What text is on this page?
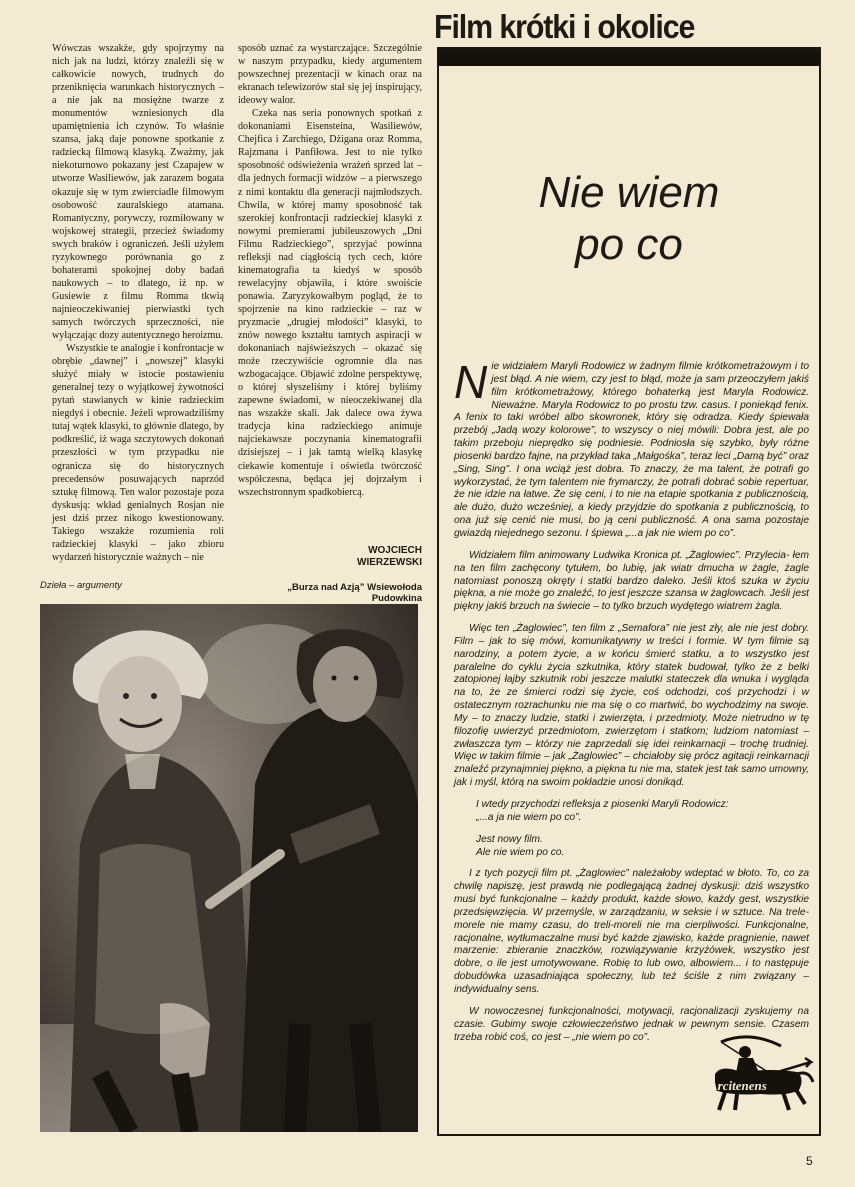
Wówczas wszakże, gdy spojrzymy na nich jak na ludzi, którzy znaleźli się w całkowicie nowych, trudnych do przeniknięcia warunkach historycznych – a nie jak na mosiężne twarze z monumentów wzniesionych dla upamiętnienia ich czynów. To właśnie szansa, jaką daje ponowne spotkanie z radziecką filmową klasyką. Zważmy, jak niekoturnowo pokazany jest Czapajew w utworze Wasiliewów, jak zarazem bogata okazuje się w tym zwierciadle filmowym osobowość zauralskiego atamana. Romantyczny, porywczy, rozmiłowany w wojskowej strategii, przecież świadomy swych braków i ograniczeń. Jeśli użyłem ryzykownego porównania go z bohaterami spokojnej doby badań naukowych – to dlatego, iż np. w Gusiewie z filmu Romma tkwią najnieoczekiwaniej pierwiastki tych samych twórczych sprzeczności, nie wyłączając dozy autentycznego heroizmu.

Wszystkie te analogie i konfrontacje w obrębie „dawnej” i „nowszej” klasyki służyć miały w istocie postawieniu generalnej tezy o wyjątkowej żywotności pytań stawianych w kinie radzieckim niegdyś i obecnie. Jeżeli wprowadziliśmy tutaj wątek klasyki, to głównie dlatego, by podkreślić, iż waga szczytowych dokonań przeszłości w tym przypadku nie ogranicza się do historycznych precedensów posuwających naprzód sztukę filmową. Ten walor pozostaje poza dyskusją: wkład genialnych Rosjan nie jest dziś przez nikogo kwestionowany. Takiego wszakże rozumienia roli radzieckiej klasyki – jako zbioru wydarzeń historycznie ważnych – nie

sposób uznać za wystarczające. Szczególnie w naszym przypadku, kiedy argumentem powszechnej prezentacji w kinach oraz na ekranach telewizorów stał się jej inspirujący, ideowy walor.

Czeka nas seria ponownych spotkań z dokonaniami Eisensteina, Wasiliewów, Chejfica i Zarchiego, Dżigana oraz Romma, Rajzmana i Panfiłowa. Jest to nie tylko sposobność odświeżenia wrażeń sprzed lat – dla jednych formacji widzów – a pierwszego z nimi kontaktu dla generacji najmłodszych. Chwila, w której mamy sposobność tak szerokiej konfrontacji radzieckiej klasyki z nowymi premierami jubileuszowych „Dni Filmu Radzieckiego”, sprzyjać powinna refleksji nad ciągłością tych cech, które kinematografia ta kiedyś w sposób rewelacyjny objawiła, i które swoiście ponawia. Zaryzykowałbym pogląd, że to spojrzenie na kino radzieckie – raz w pryzmacie „drugiej młodości” klasyki, to znów nowego kształtu tamtych aspiracji w dokonaniach najświeższych – okazać się może rzeczywiście ogromnie dla nas wzbogacające. Objawić zdolne perspektywę, o której słyszeliśmy i której byliśmy zapewne świadomi, w nieoczekiwanej dla nas wszakże skali. Jak dalece owa żywa tradycja kina radzieckiego animuje najciekawsze poczynania kinematografii dzisiejszej – i jak tamtą wielką klasykę ciekawie komentuje i oświetla twórczość współczesna, będąca jej dojrzałym i wszechstronnym spadkobiercą.

WOJCIECH
WIERZEWSKI
Dzieła – argumenty	„Burza nad Azją” Wsiewołoda Pudowkina
Film krótki i okolice
Nie wiem
po co

Nie widziałem Maryli Rodowicz w żadnym filmie krótkometrażowym i to jest błąd. A nie wiem, czy jest to błąd, może ja sam przeoczyłem jakiś film krótkometrażowy, którego bohaterką jest Maryla Rodowicz. Nieważne. Maryla Rodowicz to po prostu tzw. casus. I poniekąd fenix. A fenix to taki wróbel albo skowronek, który się odradza. Kiedy śpiewała przebój „Jadą wozy kolorowe”, to wszyscy o niej mówili: Dobra jest, ale po takim przeboju nieprędko się podniesie. Podniosła się szybko, były różne piosenki bardzo fajne, na przykład taka „Małgośka”, teraz leci „Damą być” oraz „Sing, Sing”. I ona wciąż jest dobra. To znaczy, że ma talent, że potrafi go wykorzystać, że tym talentem nie frymarczy, że potrafi dobrać sobie repertuar, że nie idzie na łatwe. Że się ceni, i to nie na etapie spotkania z publicznością, ale dużo, dużo wcześniej, a kiedy przyjdzie do spotkania z publicznością, to ona już się cenić nie musi, bo ją ceni publiczność. A ona sama pozostaje gwiazdą niejednego sezonu. I śpiewa „...a jak nie wiem po co”.

Widziałem film animowany Ludwika Kronica pt. „Żaglowiec”. Przylecia- łem na ten film zachęcony tytułem, bo lubię, jak wiatr dmucha w żagle, żagle natomiast ponoszą okręty i statki bardzo daleko. Jeśli ktoś szuka w życiu piękna, a nie może go znaleźć, to jest jeszcze szansa w żaglowcach. Jeśli jest piękny jakiś brzuch na świecie – to tylko brzuch wydętego wiatrem żagla.

Więc ten „Żaglowiec”, ten film z „Semafora” nie jest zły, ale nie jest dobry. Film – jak to się mówi, komunikatywny w treści i formie. W tym filmie są narodziny, a potem życie, a w końcu śmierć statku, a to wszystko jest paralelne do cyklu życia szkutnika, który statek budował, tylko że z belki zatopionej łajby szkutnik robi jeszcze malutki stateczek dla wnuka i wygląda na to, że ze śmierci rodzi się życie, coś odchodzi, coś przychodzi i w ostatecznym rozrachunku nie ma się o co martwić, bo wychodzimy na swoje. My – to znaczy ludzie, statki i zwierzęta, i przedmioty. Może nietrudno w tę filozofię uwierzyć przedmiotom, zwierzętom i statkom; ludziom natomiast – zwłaszcza tym – którzy nie zaprzedali się idei reinkarnacji – trochę trudniej. Więc w takim filmie – jak „Żaglowiec” – chciałoby się prócz agitacji reinkarnacji znaleźć przynajmniej piękno, a piękna tu nie ma, statek jest tak samo umowny, jak i myśl, którą na swoim pokładzie unosi donikąd.

I wtedy przychodzi refleksja z piosenki Maryli Rodowicz:

„...a ja nie wiem po co”.

Jest nowy film.

Ale nie wiem po co.

I z tych pozycji film pt. „Żaglowiec” należałoby wdeptać w błoto. To, co za chwilę napiszę, jest prawdą nie podlegającą żadnej dyskusji: dziś wszystko musi być funkcjonalne – każdy produkt, każde słowo, każdy gest, wszystkie przedsięwzięcia. W przemyśle, w zarządzaniu, w seksie i w sztuce. Na trele-morele nie mamy czasu, do treli-moreli nie ma cierpliwości. Funkcjonalne, racjonalne, wytłumaczalne musi być każde zjawisko, każde pragnienie, nawet marzenie: zbieranie znaczków, rozwiązywanie krzyżówek, wszystko jest dobre, o ile jest umotywowane. Robię to lub owo, albowiem... i to następuje dobudówka uzasadniająca społeczny, lub też ściśle z nim związany – indywidualny sens.

W nowoczesnej funkcjonalności, motywacji, racjonalizacji zyskujemy na czasie. Gubimy swoje człowieczeństwo jednak w pewnym sensie. Czasem trzeba robić coś, co jest – „nie wiem po co”.

Arcitenens
5
